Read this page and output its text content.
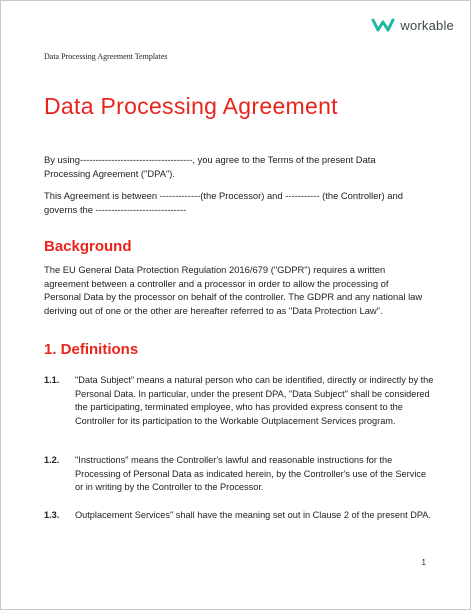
workable
Data Processing Agreement Templates
Data Processing Agreement
By using------------------------------------, you agree to the Terms of the present Data Processing Agreement ("DPA").
This Agreement is between -------------(the Processor) and ----------- (the Controller) and governs the -----------------------------
Background
The EU General Data Protection Regulation 2016/679 ("GDPR") requires a written agreement between a controller and a processor in order to allow the processing of Personal Data by the processor on behalf of the controller. The GDPR and any national law deriving out of one or the other are hereafter referred to as "Data Protection Law".
1. Definitions
1.1.	"Data Subject" means a natural person who can be identified, directly or indirectly by the Personal Data. In particular, under the present DPA, "Data Subject" shall be considered the participating, terminated employee, who has provided express consent to the Controller for its participation to the Workable Outplacement Services program.
1.2.	"Instructions" means the Controller's lawful and reasonable instructions for the Processing of Personal Data as indicated herein, by the Controller's use of the Service or in writing by the Controller to the Processor.
1.3.	Outplacement Services" shall have the meaning set out in Clause 2 of the present DPA.
1
